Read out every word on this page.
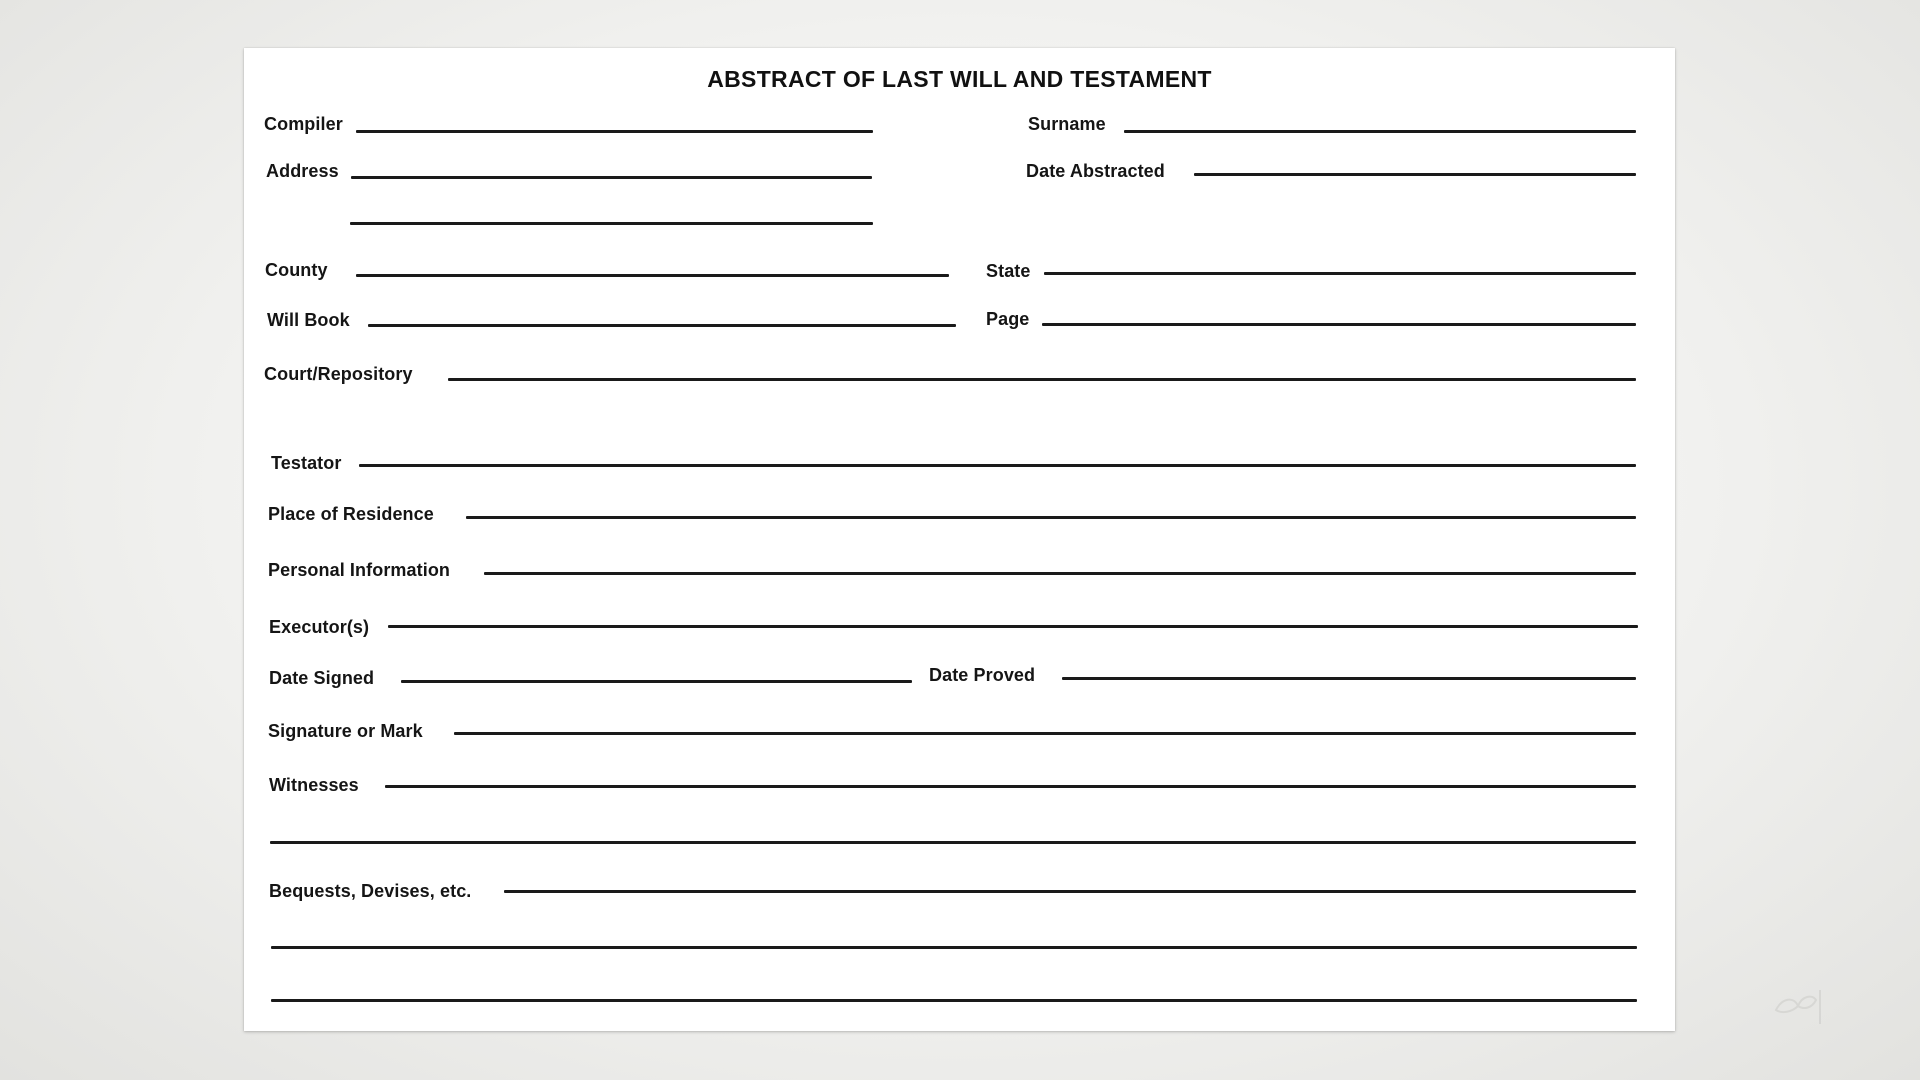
ABSTRACT OF LAST WILL AND TESTAMENT
Compiler	Surname
Address	Date Abstracted
County	State
Will Book	Page
Court/Repository
Testator
Place of Residence
Personal Information
Executor(s)
Date Signed	Date Proved
Signature or Mark
Witnesses
Bequests, Devises, etc.
